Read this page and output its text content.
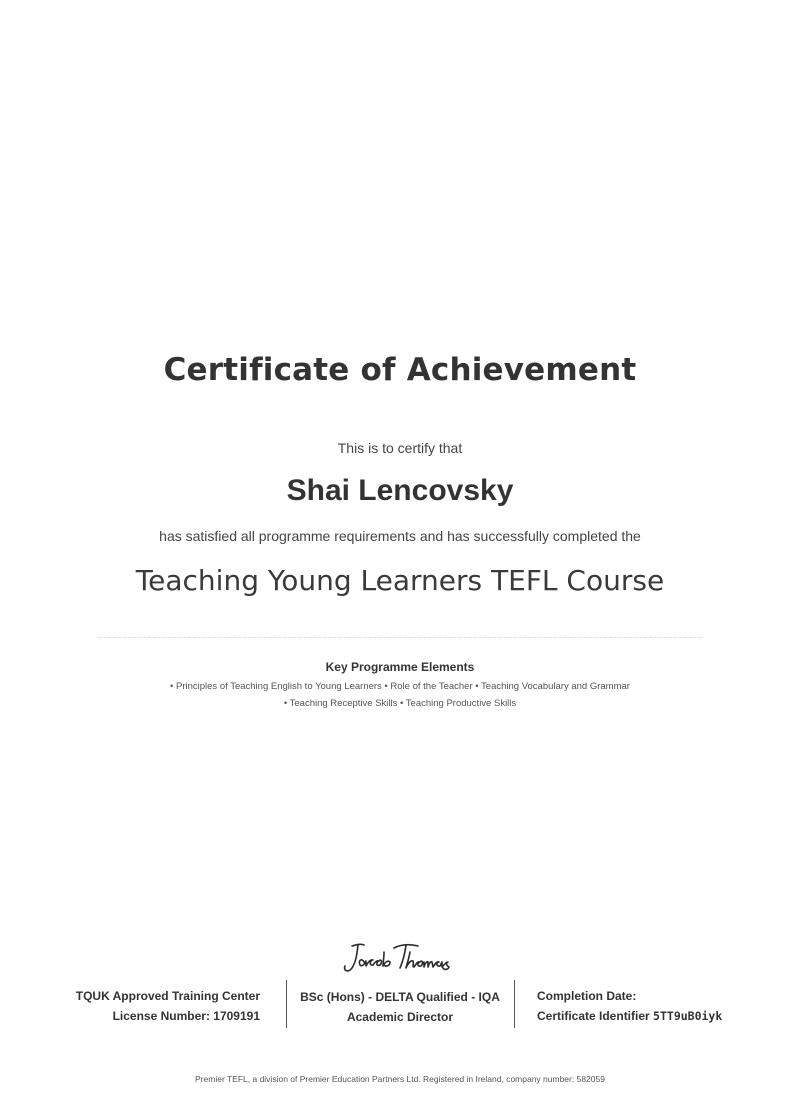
Certificate of Achievement
This is to certify that
Shai Lencovsky
has satisfied all programme requirements and has successfully completed the
Teaching Young Learners TEFL Course
Key Programme Elements
• Principles of Teaching English to Young Learners • Role of the Teacher • Teaching Vocabulary and Grammar
• Teaching Receptive Skills • Teaching Productive Skills
TQUK Approved Training Center
License Number: 1709191
BSc (Hons) - DELTA Qualified - IQA
Academic Director
Completion Date:
Certificate Identifier 5TT9uB0iyk
Premier TEFL, a division of Premier Education Partners Ltd. Registered in Ireland, company number: 582059
